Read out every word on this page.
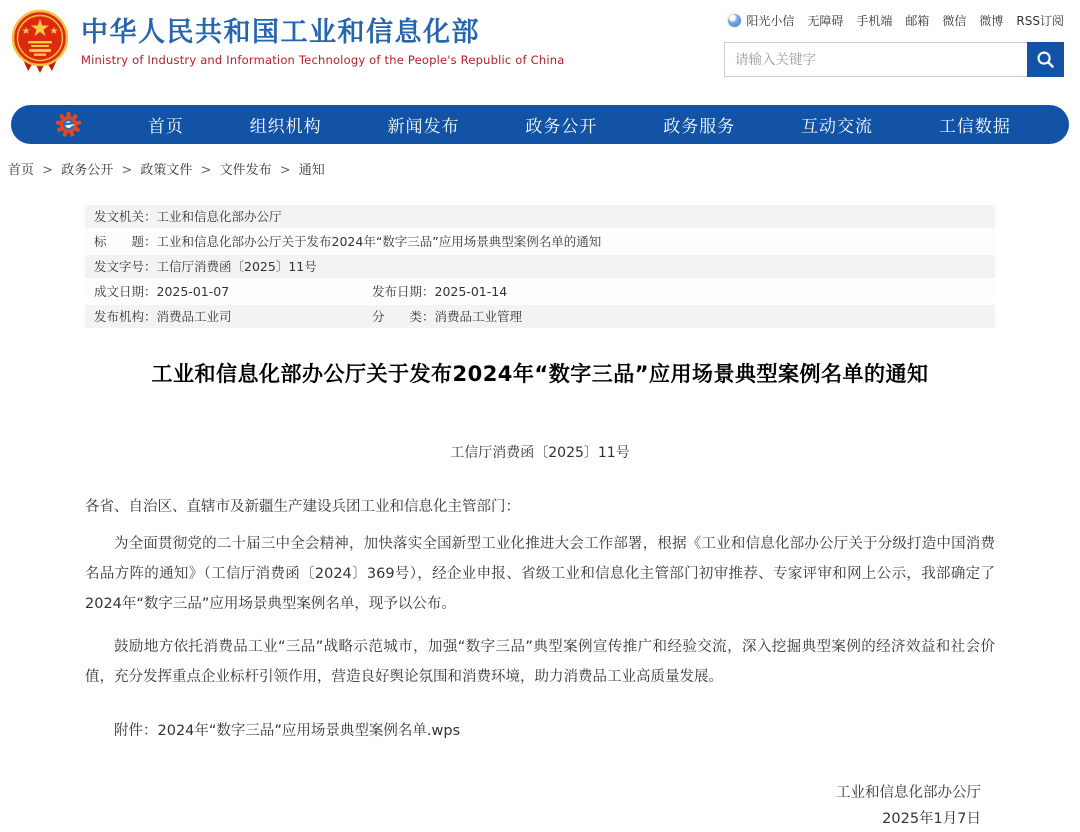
中华人民共和国工业和信息化部
Ministry of Industry and Information Technology of the People's Republic of China
阳光小信 无障碍 手机端 邮箱 微信 微博 RSS订阅
请输入关键字
首页	组织机构	新闻发布	政务公开	政务服务	互动交流	工信数据
首页 > 政务公开 > 政策文件 > 文件发布 > 通知
发文机关：工业和信息化部办公厅
标　　题：工业和信息化部办公厅关于发布2024年“数字三品”应用场景典型案例名单的通知
发文字号：工信厅消费函〔2025〕11号
成文日期：2025-01-07	发布日期：2025-01-14
发布机构：消费品工业司	分　　类：消费品工业管理
工业和信息化部办公厅关于发布2024年“数字三品”应用场景典型案例名单的通知
工信厅消费函〔2025〕11号

各省、自治区、直辖市及新疆生产建设兵团工业和信息化主管部门：

为全面贯彻党的二十届三中全会精神，加快落实全国新型工业化推进大会工作部署，根据《工业和信息化部办公厅关于分级打造中国消费名品方阵的通知》（工信厅消费函〔2024〕369号），经企业申报、省级工业和信息化主管部门初审推荐、专家评审和网上公示，我部确定了2024年“数字三品”应用场景典型案例名单，现予以公布。

鼓励地方依托消费品工业“三品”战略示范城市，加强“数字三品”典型案例宣传推广和经验交流，深入挖掘典型案例的经济效益和社会价值，充分发挥重点企业标杆引领作用，营造良好舆论氛围和消费环境，助力消费品工业高质量发展。

附件：2024年“数字三品”应用场景典型案例名单.wps

工业和信息化部办公厅
2025年1月7日
